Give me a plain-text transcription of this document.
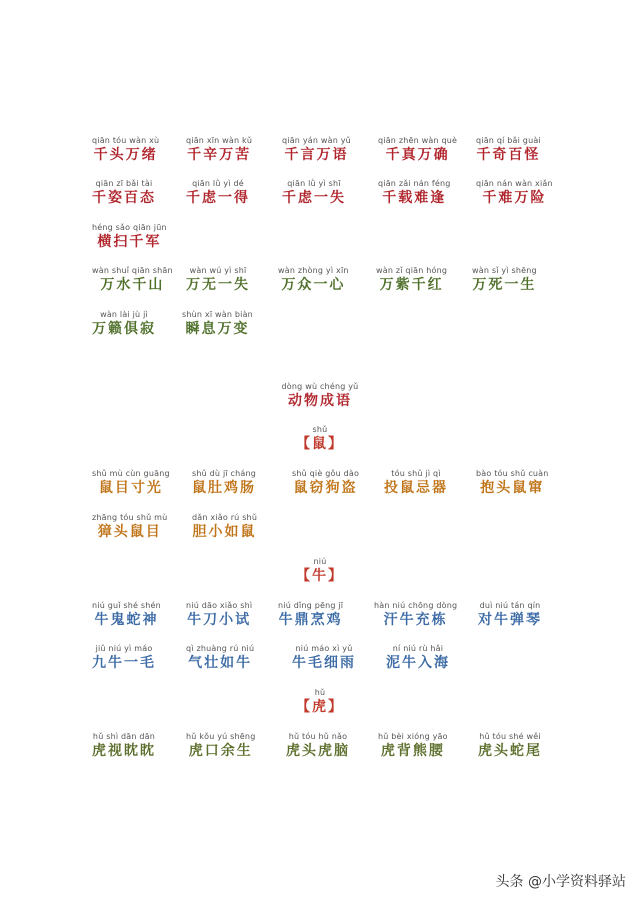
qiān tóu wàn xù
千头万绪
qiān xīn wàn kǔ
千辛万苦
qiān yán wàn yǔ
千言万语
qiān zhēn wàn què
千真万确
qiān qí bǎi guài
千奇百怪
qiān zī bǎi tài
千姿百态
qiān lǜ yì dé
千虑一得
qiān lǜ yì shī
千虑一失
qiān zǎi nán féng
千载难逢
qiān nán wàn xiǎn
千难万险
héng sǎo qiān jūn
横扫千军
wàn shuǐ qiān shān
万水千山
wàn wú yì shī
万无一失
wàn zhòng yì xīn
万众一心
wàn zǐ qiān hóng
万紫千红
wàn sǐ yì shēng
万死一生
wàn lài jù jì
万籁俱寂
shùn xī wàn biàn
瞬息万变
dòng wù chéng yǔ
动物成语
shǔ
【鼠】
shǔ mù cùn guāng
鼠目寸光
shǔ dù jī cháng
鼠肚鸡肠
shǔ qiè gǒu dào
鼠窃狗盗
tóu shǔ jì qì
投鼠忌器
bào tóu shǔ cuàn
抱头鼠窜
zhāng tóu shǔ mù
獐头鼠目
dǎn xiǎo rú shǔ
胆小如鼠
niú
【牛】
niú guǐ shé shén
牛鬼蛇神
niú dāo xiǎo shì
牛刀小试
niú dǐng pēng jī
牛鼎烹鸡
hàn niú chōng dòng
汗牛充栋
duì niú tán qín
对牛弹琴
jiǔ niú yì máo
九牛一毛
qì zhuàng rú niú
气壮如牛
niú máo xì yǔ
牛毛细雨
ní niú rù hǎi
泥牛入海
hǔ
【虎】
hǔ shì dān dān
虎视眈眈
hǔ kǒu yú shēng
虎口余生
hǔ tóu hǔ nǎo
虎头虎脑
hǔ bèi xióng yāo
虎背熊腰
hǔ tóu shé wěi
虎头蛇尾
头条 @小学资料驿站
